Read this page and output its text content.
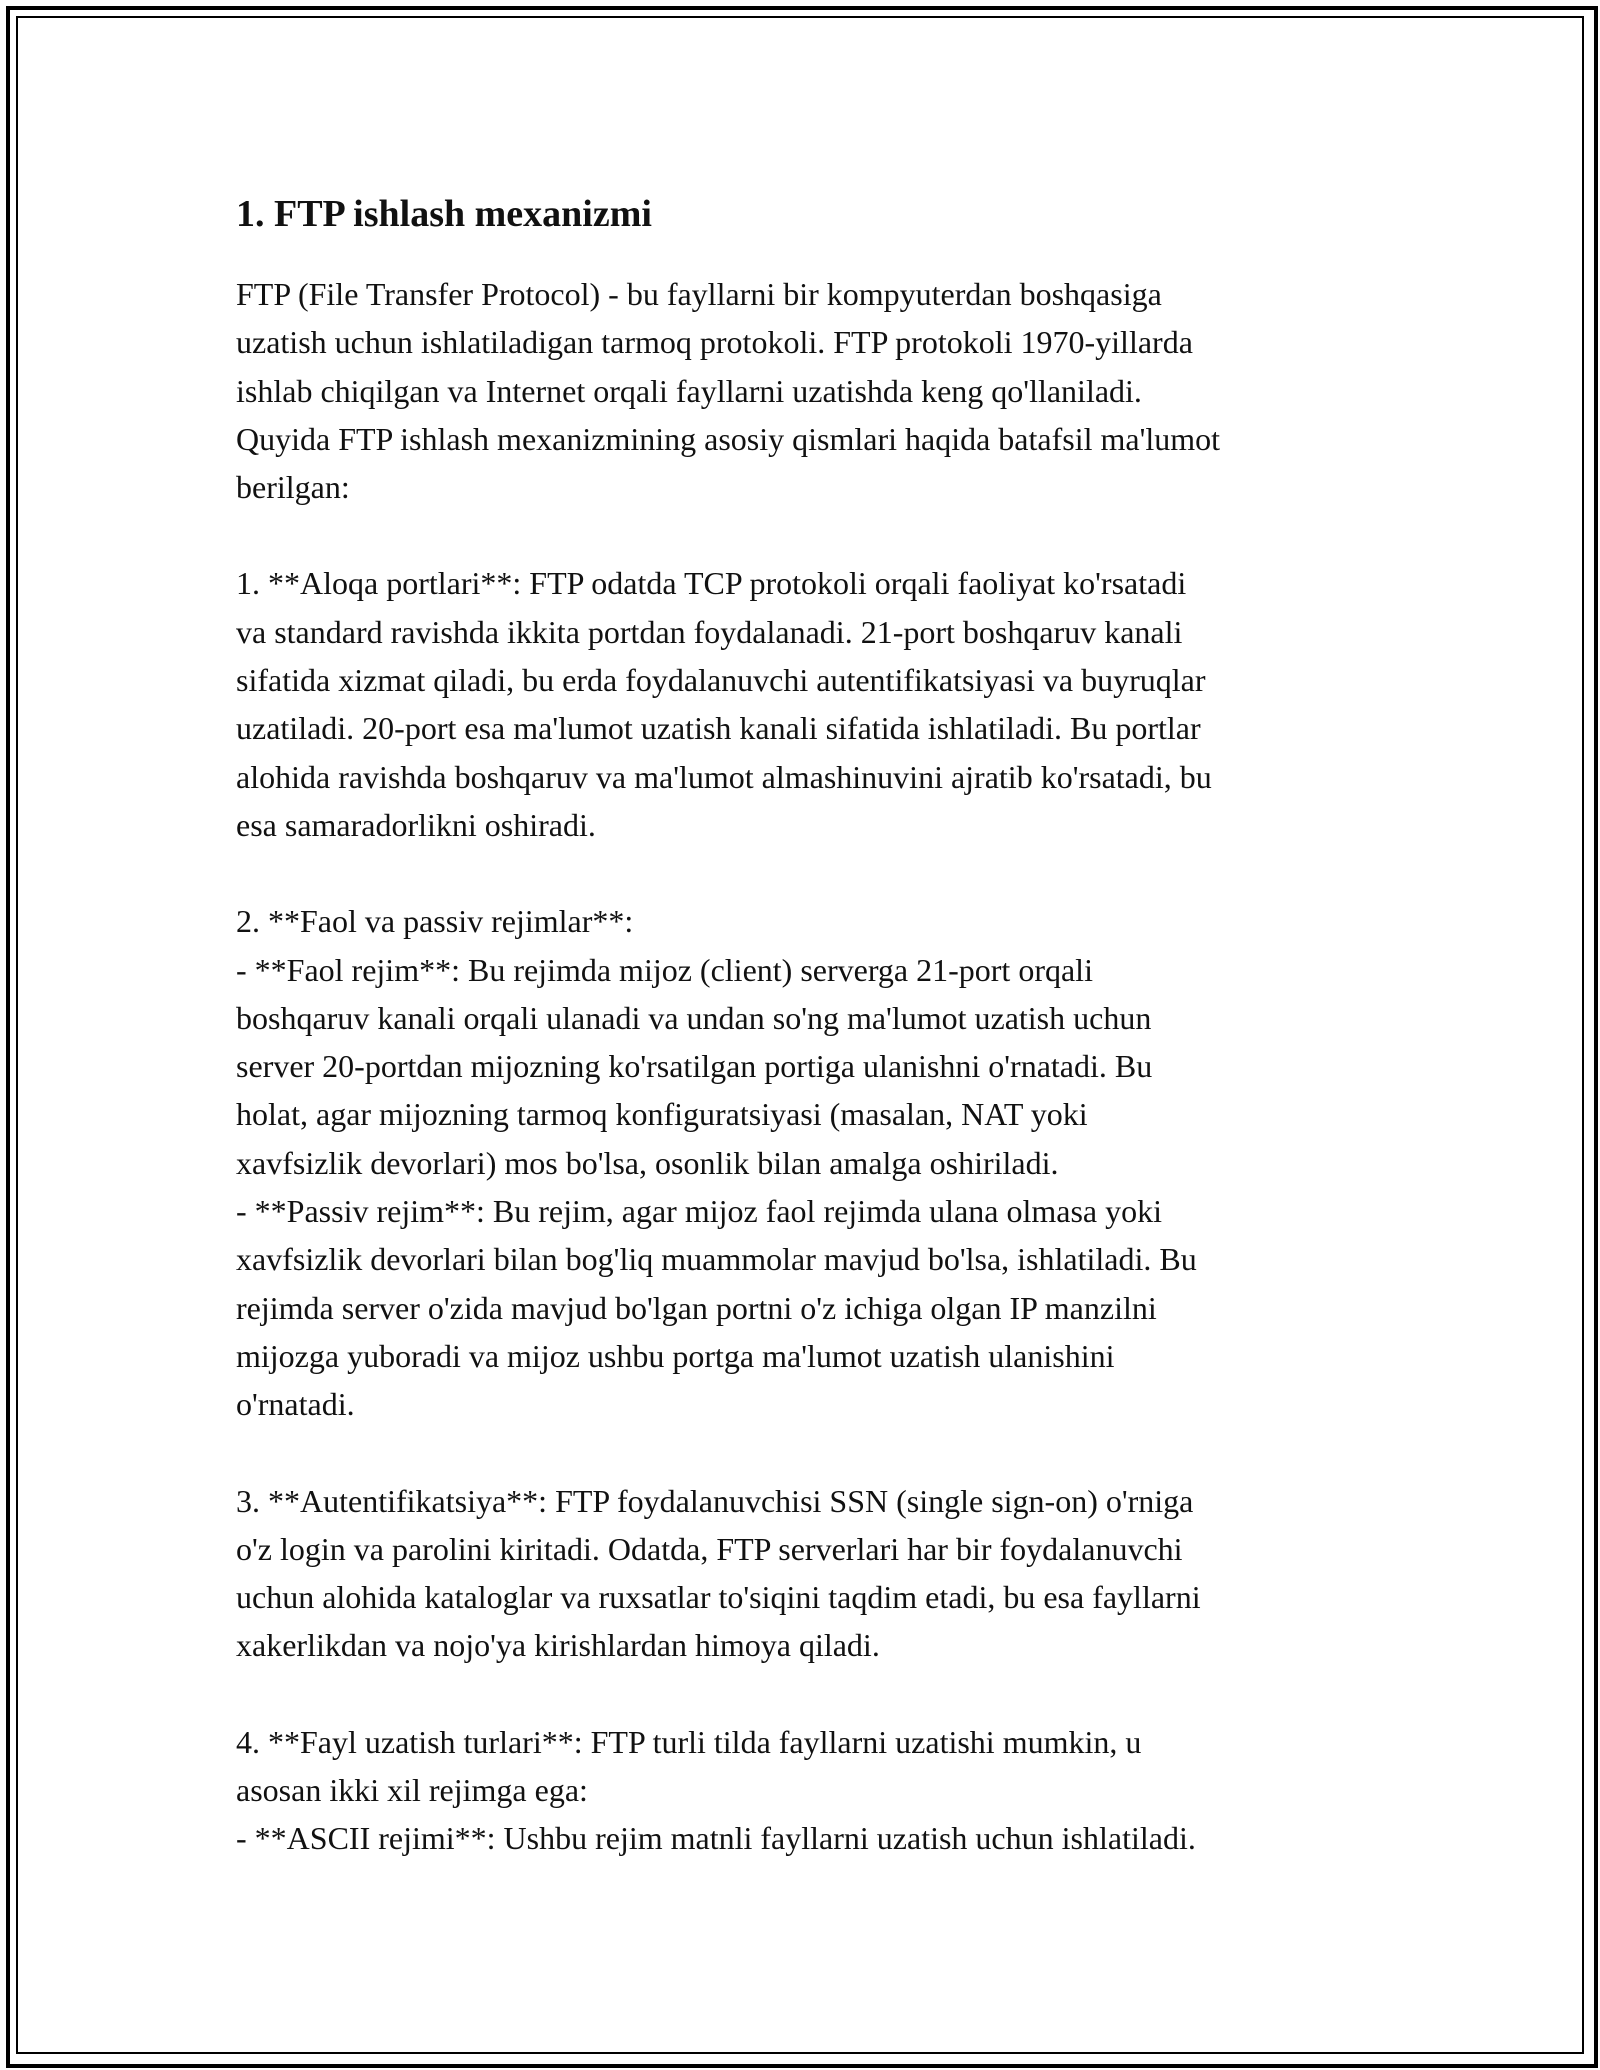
1. FTP ishlash mexanizmi

FTP (File Transfer Protocol) - bu fayllarni bir kompyuterdan boshqasiga
uzatish uchun ishlatiladigan tarmoq protokoli. FTP protokoli 1970-yillarda
ishlab chiqilgan va Internet orqali fayllarni uzatishda keng qo'llaniladi.
Quyida FTP ishlash mexanizmining asosiy qismlari haqida batafsil ma'lumot
berilgan:

1. **Aloqa portlari**: FTP odatda TCP protokoli orqali faoliyat ko'rsatadi
va standard ravishda ikkita portdan foydalanadi. 21-port boshqaruv kanali
sifatida xizmat qiladi, bu erda foydalanuvchi autentifikatsiyasi va buyruqlar
uzatiladi. 20-port esa ma'lumot uzatish kanali sifatida ishlatiladi. Bu portlar
alohida ravishda boshqaruv va ma'lumot almashinuvini ajratib ko'rsatadi, bu
esa samaradorlikni oshiradi.

2. **Faol va passiv rejimlar**:
- **Faol rejim**: Bu rejimda mijoz (client) serverga 21-port orqali
boshqaruv kanali orqali ulanadi va undan so'ng ma'lumot uzatish uchun
server 20-portdan mijozning ko'rsatilgan portiga ulanishni o'rnatadi. Bu
holat, agar mijozning tarmoq konfiguratsiyasi (masalan, NAT yoki
xavfsizlik devorlari) mos bo'lsa, osonlik bilan amalga oshiriladi.
- **Passiv rejim**: Bu rejim, agar mijoz faol rejimda ulana olmasa yoki
xavfsizlik devorlari bilan bog'liq muammolar mavjud bo'lsa, ishlatiladi. Bu
rejimda server o'zida mavjud bo'lgan portni o'z ichiga olgan IP manzilni
mijozga yuboradi va mijoz ushbu portga ma'lumot uzatish ulanishini
o'rnatadi.

3. **Autentifikatsiya**: FTP foydalanuvchisi SSN (single sign-on) o'rniga
o'z login va parolini kiritadi. Odatda, FTP serverlari har bir foydalanuvchi
uchun alohida kataloglar va ruxsatlar to'siqini taqdim etadi, bu esa fayllarni
xakerlikdan va nojo'ya kirishlardan himoya qiladi.

4. **Fayl uzatish turlari**: FTP turli tilda fayllarni uzatishi mumkin, u
asosan ikki xil rejimga ega:
- **ASCII rejimi**: Ushbu rejim matnli fayllarni uzatish uchun ishlatiladi.
